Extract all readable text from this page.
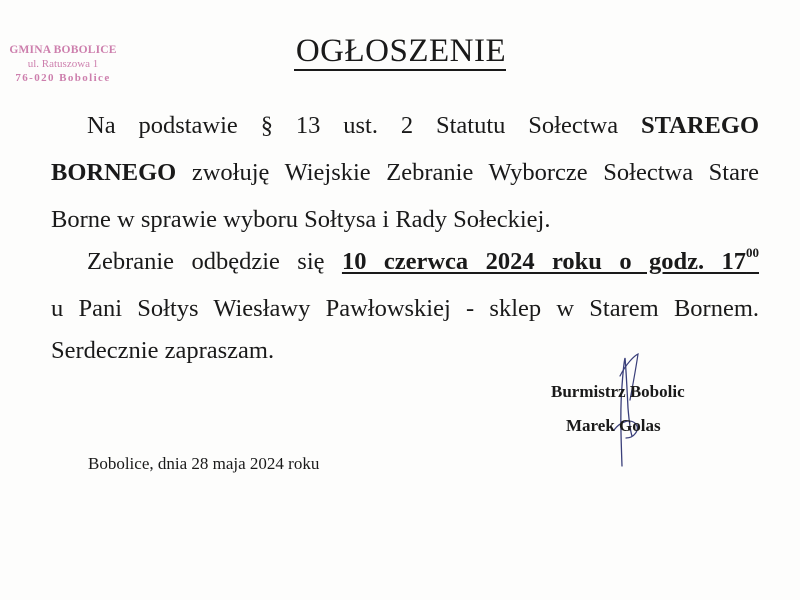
GMINA BOBOLICE
ul. Ratuszowa 1
76-020 Bobolice
OGŁOSZENIE
Na podstawie § 13 ust. 2 Statutu Sołectwa STAREGO
BORNEGO zwołuję Wiejskie Zebranie Wyborcze Sołectwa Stare
Borne w sprawie wyboru Sołtysa i Rady Sołeckiej.
Zebranie odbędzie się 10 czerwca 2024 roku o godz. $17^{00}$
u Pani Sołtys Wiesławy Pawłowskiej - sklep w Starem Bornem.
Serdecznie zapraszam.
Burmistrz Bobolic
Marek Golas
Bobolice, dnia 28 maja 2024 roku
